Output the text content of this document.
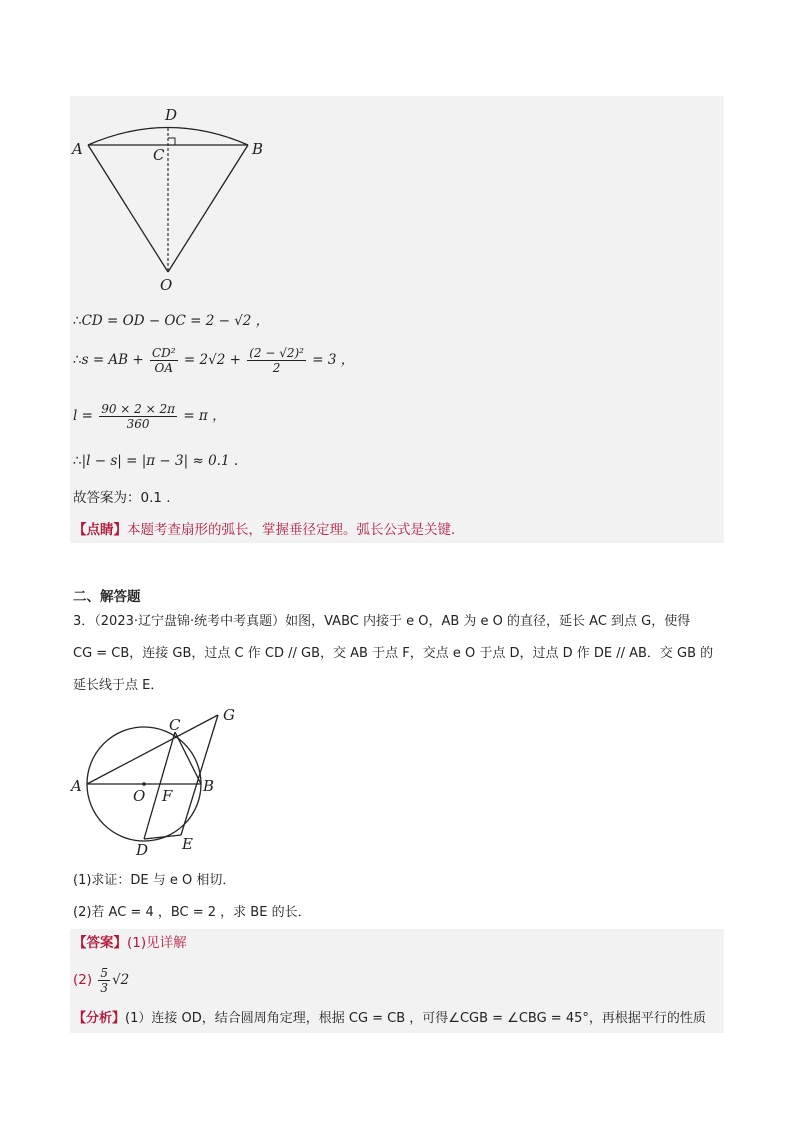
D
A	C	B
O
∴CD = OD − OC = 2 − √2 ，
∴s = AB + $\frac{\text{CD²}}{OA} = 2√2 + \frac{\text{(2 − √2)²}}{2} = 3$ ，
$l = \frac{90 \times 2 \times 2\pi}{360} = \pi$ ，
∴|l − s| = |π − 3| ≈ 0.1 .
故答案为：0.1 .
【点睛】本题考查扇形的弧长，掌握垂径定理。弧长公式是关键．
二、解答题
3．（2023·辽宁盘锦·统考中考真题）如图，VABC 内接于 e O，AB 为 e O 的直径，延长 AC 到点 G，使得
CG = CB，连接 GB，过点 C 作 CD // GB，交 AB 于点 F，交点 e O 于点 D，过点 D 作 DE // AB．交 GB 的
延长线于点 E．
G
C
A
O F
B
E
D
(1)求证：DE 与 e O 相切．
(2)若 AC = 4 ，BC = 2 ，求 BE 的长．
【答案】(1)见详解
$(2) \frac{5}{3} √2$
【分析】(1）连接 OD，结合圆周角定理，根据 CG = CB ，可得∠CGB = ∠CBG = 45°，再根据平行的性质
